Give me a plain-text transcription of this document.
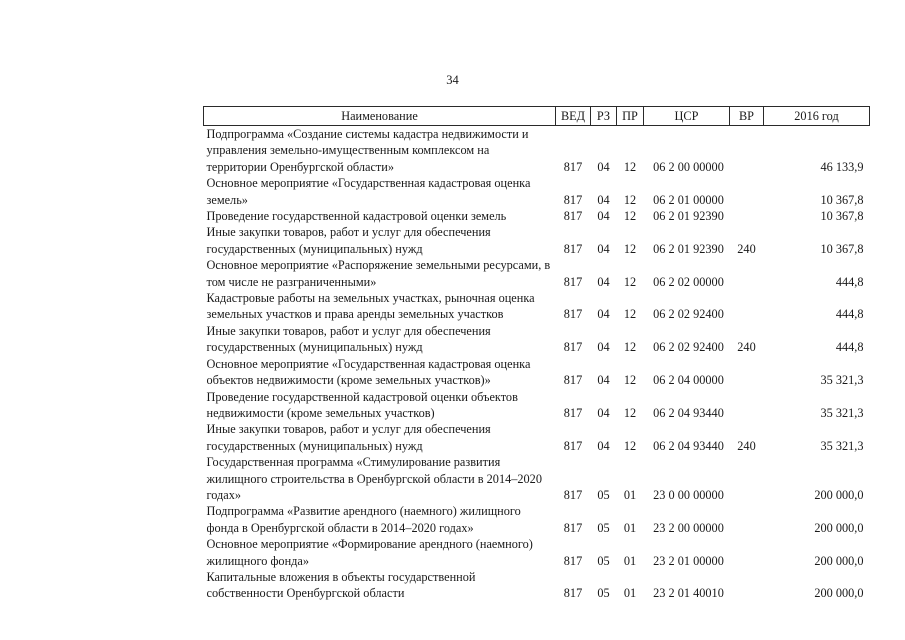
34
Наименование	ВЕД	РЗ	ПР	ЦСР	ВР	2016 год
Подпрограмма «Создание системы кадастра недвижимости и управления земельно-имущественным комплексом на территории Оренбургской области»	817	04	12	06 2 00 00000		46 133,9
Основное мероприятие «Государственная кадастровая оценка земель»	817	04	12	06 2 01 00000		10 367,8
Проведение государственной кадастровой оценки земель	817	04	12	06 2 01 92390		10 367,8
Иные закупки товаров, работ и услуг для обеспечения государственных (муниципальных) нужд	817	04	12	06 2 01 92390	240	10 367,8
Основное мероприятие «Распоряжение земельными ресурсами, в том числе не разграниченными»	817	04	12	06 2 02 00000		444,8
Кадастровые работы на земельных участках, рыночная оценка земельных участков и права аренды земельных участков	817	04	12	06 2 02 92400		444,8
Иные закупки товаров, работ и услуг для обеспечения государственных (муниципальных) нужд	817	04	12	06 2 02 92400	240	444,8
Основное мероприятие «Государственная кадастровая оценка объектов недвижимости (кроме земельных участков)»	817	04	12	06 2 04 00000		35 321,3
Проведение государственной кадастровой оценки объектов недвижимости (кроме земельных участков)	817	04	12	06 2 04 93440		35 321,3
Иные закупки товаров, работ и услуг для обеспечения государственных (муниципальных) нужд	817	04	12	06 2 04 93440	240	35 321,3
Государственная программа «Стимулирование развития жилищного строительства в Оренбургской области в 2014–2020 годах»	817	05	01	23 0 00 00000		200 000,0
Подпрограмма «Развитие арендного (наемного) жилищного фонда в Оренбургской области в 2014–2020 годах»	817	05	01	23 2 00 00000		200 000,0
Основное мероприятие «Формирование арендного (наемного) жилищного фонда»	817	05	01	23 2 01 00000		200 000,0
Капитальные вложения в объекты государственной собственности Оренбургской области	817	05	01	23 2 01 40010		200 000,0
